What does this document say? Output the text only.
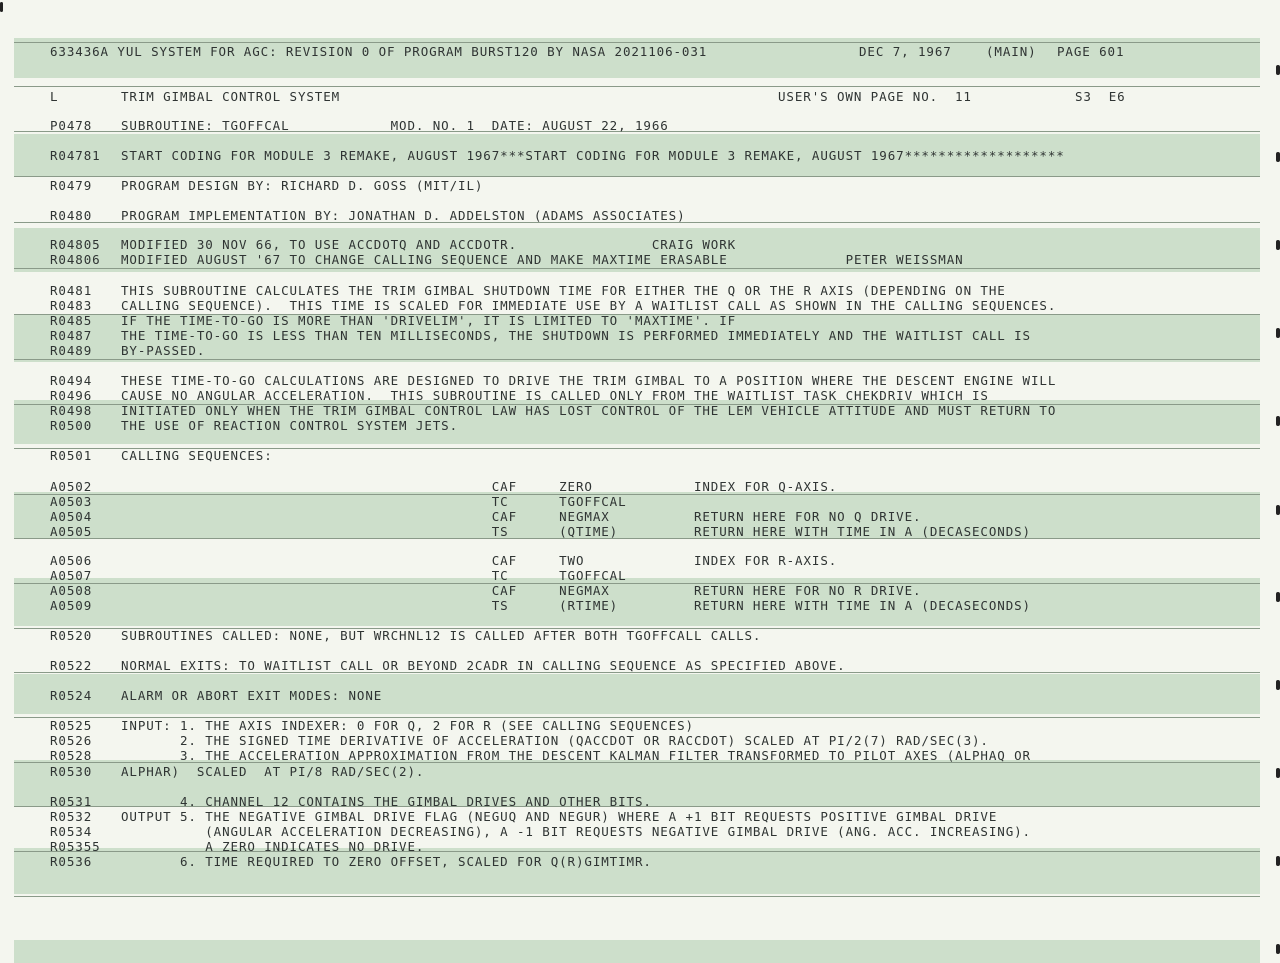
633436A YUL SYSTEM FOR AGC: REVISION 0 OF PROGRAM BURST120 BY NASA 2021106-031	DEC 7, 1967	(MAIN) PAGE 601
L	TRIM GIMBAL CONTROL SYSTEM	USER'S OWN PAGE NO.  11	S3  E6
P0478 SUBROUTINE: TGOFFCAL            MOD. NO. 1  DATE: AUGUST 22, 1966
R04781 START CODING FOR MODULE 3 REMAKE, AUGUST 1967***START CODING FOR MODULE 3 REMAKE, AUGUST 1967*******************
R0479 PROGRAM DESIGN BY: RICHARD D. GOSS (MIT/IL)
R0480 PROGRAM IMPLEMENTATION BY: JONATHAN D. ADDELSTON (ADAMS ASSOCIATES)
R04805 MODIFIED 30 NOV 66, TO USE ACCDOTQ AND ACCDOTR.                CRAIG WORK
R04806 MODIFIED AUGUST '67 TO CHANGE CALLING SEQUENCE AND MAKE MAXTIME ERASABLE              PETER WEISSMAN
R0481 THIS SUBROUTINE CALCULATES THE TRIM GIMBAL SHUTDOWN TIME FOR EITHER THE Q OR THE R AXIS (DEPENDING ON THE
R0483 CALLING SEQUENCE).  THIS TIME IS SCALED FOR IMMEDIATE USE BY A WAITLIST CALL AS SHOWN IN THE CALLING SEQUENCES.
R0485 IF THE TIME-TO-GO IS MORE THAN 'DRIVELIM', IT IS LIMITED TO 'MAXTIME'. IF
R0487 THE TIME-TO-GO IS LESS THAN TEN MILLISECONDS, THE SHUTDOWN IS PERFORMED IMMEDIATELY AND THE WAITLIST CALL IS
R0489 BY-PASSED.
R0494 THESE TIME-TO-GO CALCULATIONS ARE DESIGNED TO DRIVE THE TRIM GIMBAL TO A POSITION WHERE THE DESCENT ENGINE WILL
R0496 CAUSE NO ANGULAR ACCELERATION.  THIS SUBROUTINE IS CALLED ONLY FROM THE WAITLIST TASK CHEKDRIV WHICH IS
R0498 INITIATED ONLY WHEN THE TRIM GIMBAL CONTROL LAW HAS LOST CONTROL OF THE LEM VEHICLE ATTITUDE AND MUST RETURN TO
R0500 THE USE OF REACTION CONTROL SYSTEM JETS.
R0501 CALLING SEQUENCES:
A0502 CAF     ZERO            INDEX FOR Q-AXIS.
A0503 TC      TGOFFCAL
A0504 CAF     NEGMAX          RETURN HERE FOR NO Q DRIVE.
A0505 TS      (QTIME)         RETURN HERE WITH TIME IN A (DECASECONDS)
A0506 CAF     TWO             INDEX FOR R-AXIS.
A0507 TC      TGOFFCAL
A0508 CAF     NEGMAX          RETURN HERE FOR NO R DRIVE.
A0509 TS      (RTIME)         RETURN HERE WITH TIME IN A (DECASECONDS)
R0520 SUBROUTINES CALLED: NONE, BUT WRCHNL12 IS CALLED AFTER BOTH TGOFFCALL CALLS.
R0522 NORMAL EXITS: TO WAITLIST CALL OR BEYOND 2CADR IN CALLING SEQUENCE AS SPECIFIED ABOVE.
R0524 ALARM OR ABORT EXIT MODES: NONE
R0525 INPUT: 1. THE AXIS INDEXER: 0 FOR Q, 2 FOR R (SEE CALLING SEQUENCES)
R0526 2. THE SIGNED TIME DERIVATIVE OF ACCELERATION (QACCDOT OR RACCDOT) SCALED AT PI/2(7) RAD/SEC(3).
R0528 3. THE ACCELERATION APPROXIMATION FROM THE DESCENT KALMAN FILTER TRANSFORMED TO PILOT AXES (ALPHAQ OR
R0530 ALPHAR)  SCALED  AT PI/8 RAD/SEC(2).
R0531 4. CHANNEL 12 CONTAINS THE GIMBAL DRIVES AND OTHER BITS.
R0532 OUTPUT 5. THE NEGATIVE GIMBAL DRIVE FLAG (NEGUQ AND NEGUR) WHERE A +1 BIT REQUESTS POSITIVE GIMBAL DRIVE
R0534 (ANGULAR ACCELERATION DECREASING), A -1 BIT REQUESTS NEGATIVE GIMBAL DRIVE (ANG. ACC. INCREASING).
R05355 A ZERO INDICATES NO DRIVE.
R0536 6. TIME REQUIRED TO ZERO OFFSET, SCALED FOR Q(R)GIMTIMR.
